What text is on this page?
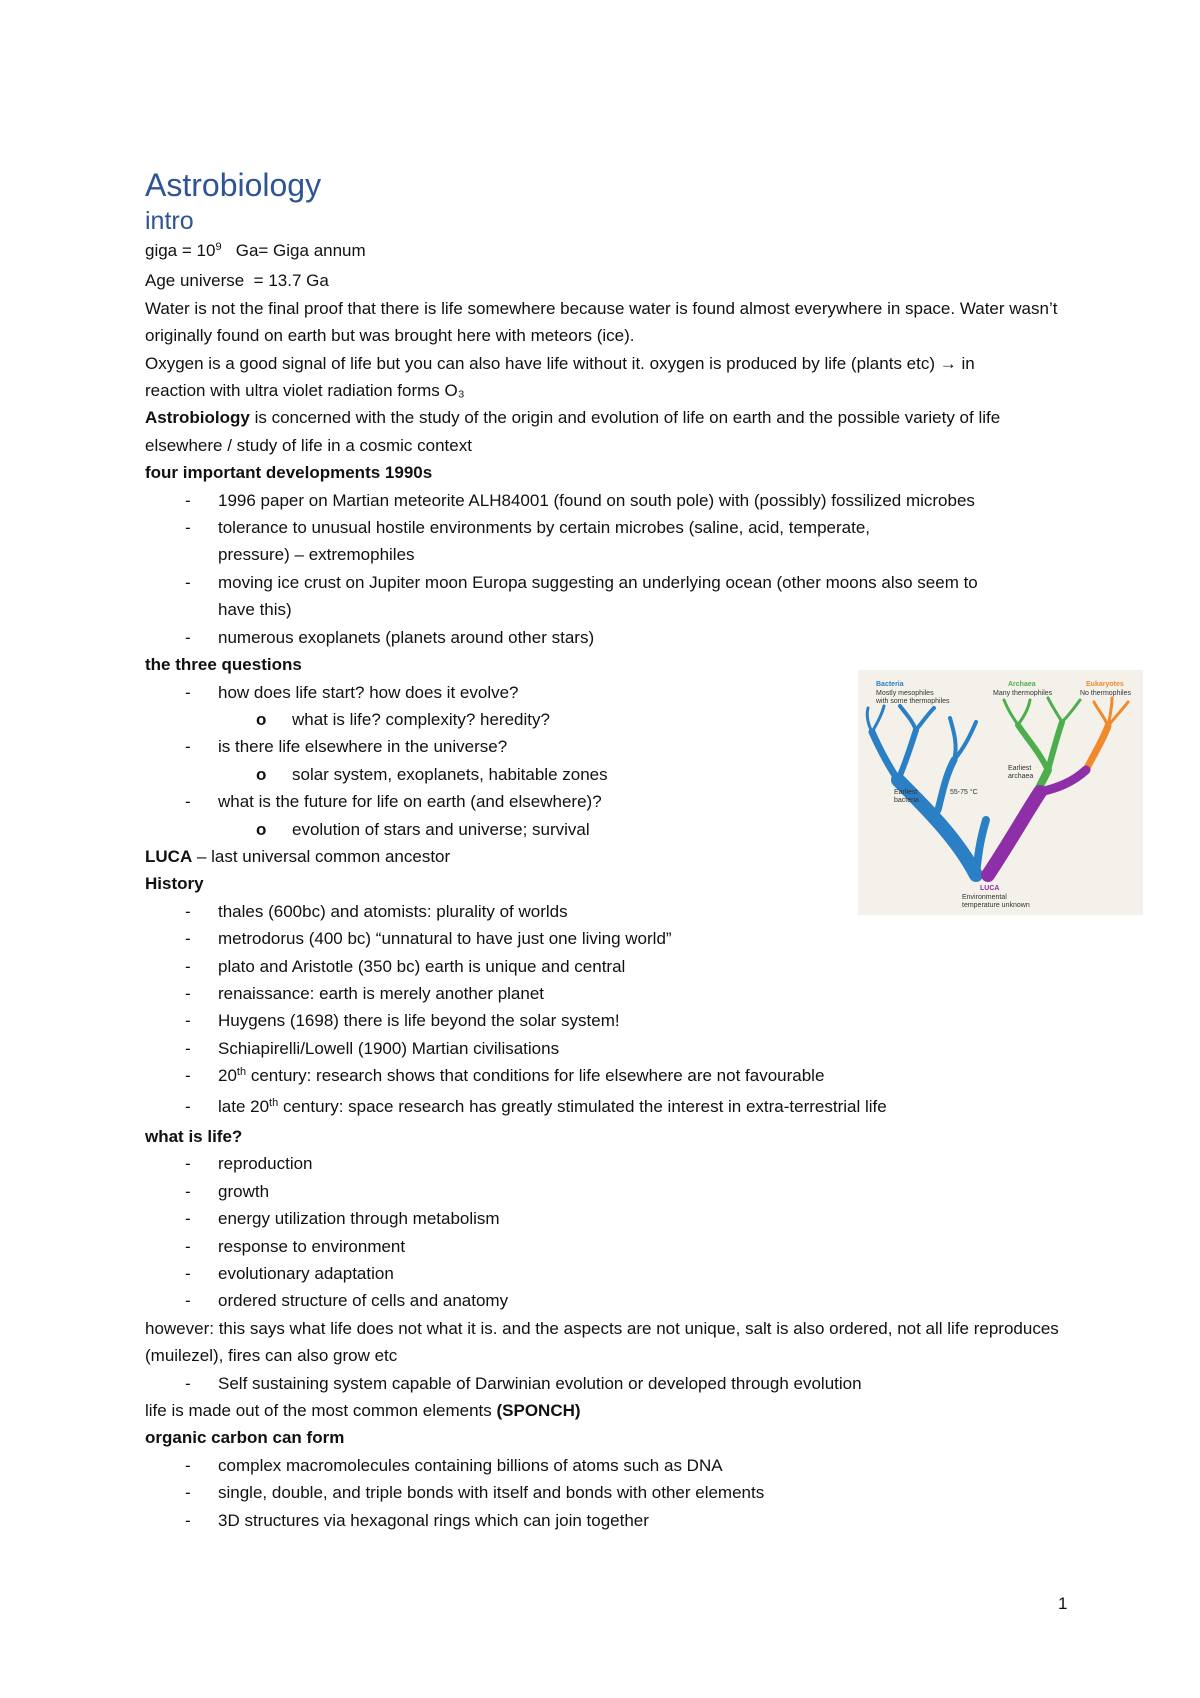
Astrobiology
intro

giga = $10^9$   Ga= Giga annum

Age universe  = 13.7 Ga

Water is not the final proof that there is life somewhere because water is found almost everywhere in space. Water wasn’t originally found on earth but was brought here with meteors (ice).

Oxygen is a good signal of life but you can also have life without it. oxygen is produced by life (plants etc) → in reaction with ultra violet radiation forms O₃

Astrobiology is concerned with the study of the origin and evolution of life on earth and the possible variety of life elsewhere / study of life in a cosmic context

four important developments 1990s

- 1996 paper on Martian meteorite ALH84001 (found on south pole) with (possibly) fossilized microbes
- tolerance to unusual hostile environments by certain microbes (saline, acid, temperate, pressure) – extremophiles
- moving ice crust on Jupiter moon Europa suggesting an underlying ocean (other moons also seem to have this)
- numerous exoplanets (planets around other stars)

the three questions

- how does life start? how does it evolve?
o what is life? complexity? heredity?
- is there life elsewhere in the universe?
o solar system, exoplanets, habitable zones
- what is the future for life on earth (and elsewhere)?
o evolution of stars and universe; survival

LUCA – last universal common ancestor

History

- thales (600bc) and atomists: plurality of worlds
- metrodorus (400 bc) “unnatural to have just one living world”
- plato and Aristotle (350 bc) earth is unique and central
- renaissance: earth is merely another planet
- Huygens (1698) there is life beyond the solar system!
- Schiapirelli/Lowell (1900) Martian civilisations
- 20th century: research shows that conditions for life elsewhere are not favourable
- late 20th century: space research has greatly stimulated the interest in extra-terrestrial life

what is life?

- reproduction
- growth
- energy utilization through metabolism
- response to environment
- evolutionary adaptation
- ordered structure of cells and anatomy

however: this says what life does not what it is. and the aspects are not unique, salt is also ordered, not all life reproduces (muilezel), fires can also grow etc

- Self sustaining system capable of Darwinian evolution or developed through evolution

life is made out of the most common elements (SPONCH)

organic carbon can form

- complex macromolecules containing billions of atoms such as DNA
- single, double, and triple bonds with itself and bonds with other elements
- 3D structures via hexagonal rings which can join together
Bacteria
Mostly mesophiles
with some thermophiles
Archaea
Many thermophiles
Eukaryotes
No thermophiles
Earliest
bacteria
55-75 °C
Earliest
archaea
LUCA
Environmental
temperature unknown
1
